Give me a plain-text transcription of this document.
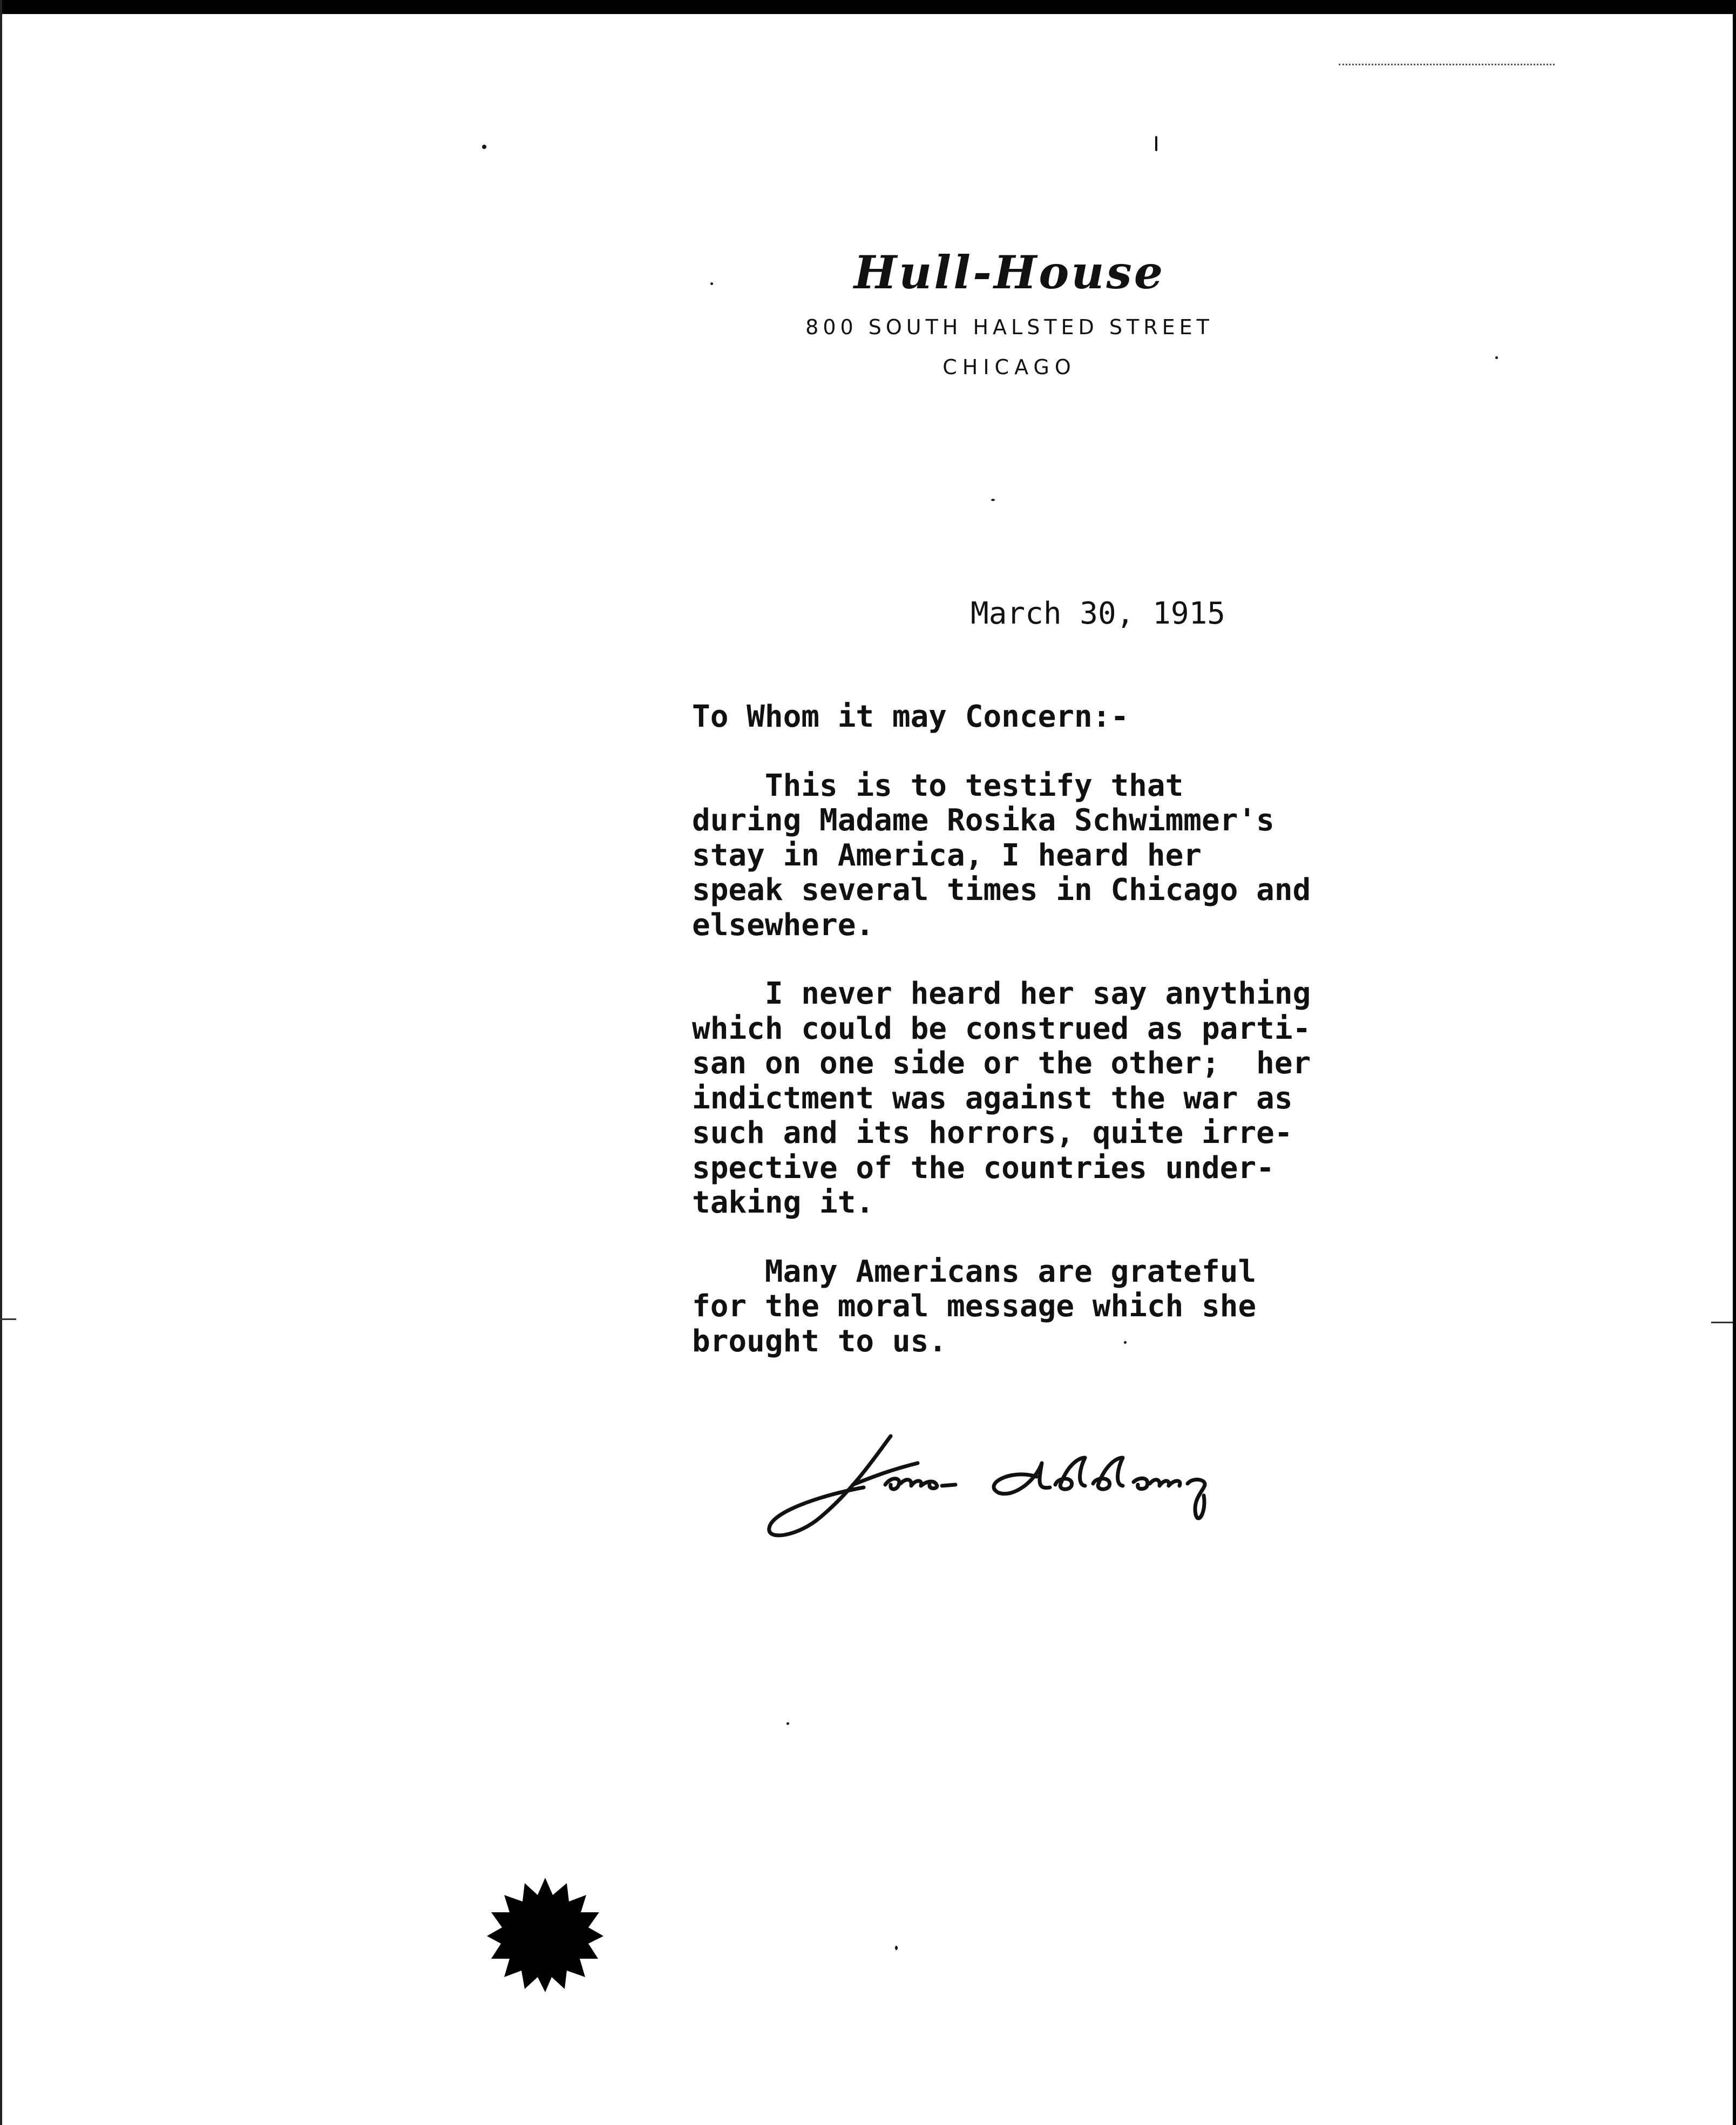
Hull-House
800 SOUTH HALSTED STREET
CHICAGO
March 30, 1915
To Whom it may Concern:-
This is to testify that
during Madame Rosika Schwimmer's
stay in America, I heard her
speak several times in Chicago and
elsewhere.
I never heard her say anything
which could be construed as parti-
san on one side or the other;  her
indictment was against the war as
such and its horrors, quite irre-
spective of the countries under-
taking it.
Many Americans are grateful
for the moral message which she
brought to us.
